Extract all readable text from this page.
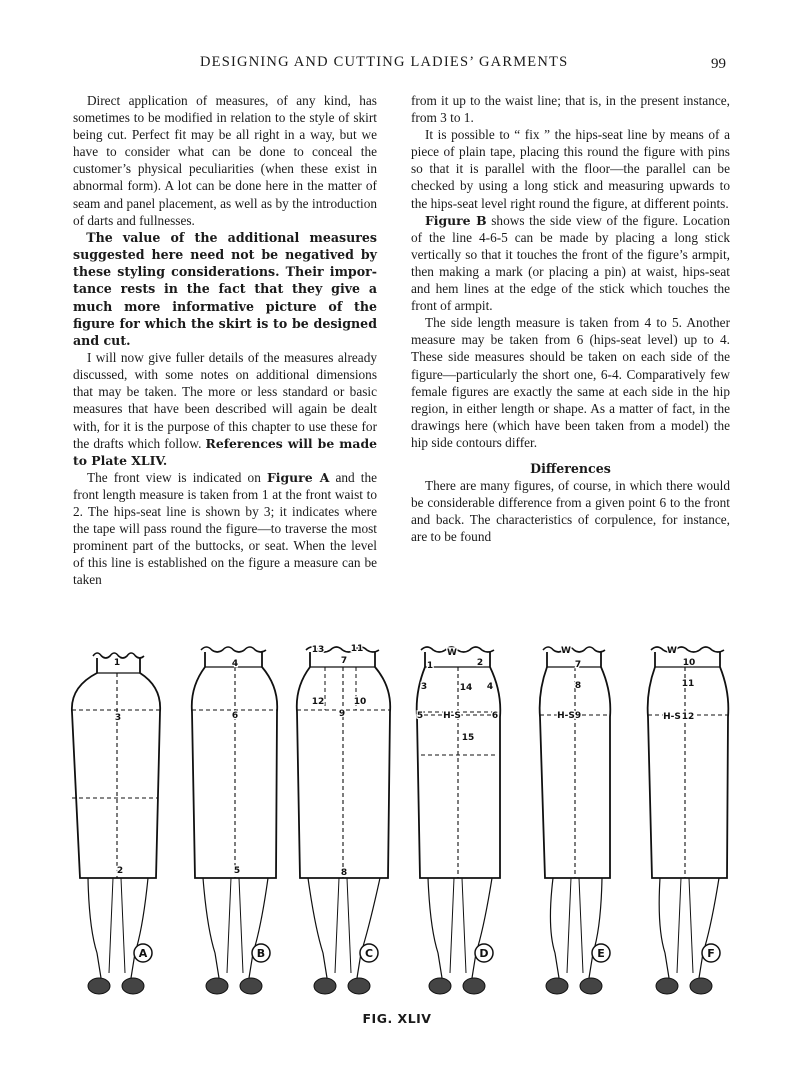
DESIGNING AND CUTTING LADIES’ GARMENTS	99

Direct application of measures, of any kind, has sometimes to be modified in relation to the style of skirt being cut. Perfect fit may be all right in a way, but we have to consider what can be done to conceal the customer’s physical peculiarities (when these exist in abnormal form). A lot can be done here in the matter of seam and panel placement, as well as by the introduction of darts and fullnesses.

The value of the additional measures suggested here need not be negatived by these styling considerations. Their importance rests in the fact that they give a much more informative picture of the figure for which the skirt is to be designed and cut.

I will now give fuller details of the measures already discussed, with some notes on additional dimensions that may be taken. The more or less standard or basic measures that have been described will again be dealt with, for it is the purpose of this chapter to use these for the drafts which follow. References will be made to Plate XLIV.

The front view is indicated on Figure A and the front length measure is taken from 1 at the front waist to 2. The hips-seat line is shown by 3; it indicates where the tape will pass round the figure—to traverse the most prominent part of the buttocks, or seat. When the level of this line is established on the figure a measure can be taken

from it up to the waist line; that is, in the present instance, from 3 to 1.

It is possible to “ fix ” the hips-seat line by means of a piece of plain tape, placing this round the figure with pins so that it is parallel with the floor—the parallel can be checked by using a long stick and measuring upwards to the hips-seat level right round the figure, at different points.

Figure B shows the side view of the figure. Location of the line 4-6-5 can be made by placing a long stick vertically so that it touches the front of the figure’s armpit, then making a mark (or placing a pin) at waist, hips-seat and hem lines at the edge of the stick which touches the front of armpit.

The side length measure is taken from 4 to 5. Another measure may be taken from 6 (hips-seat level) up to 4. These side measures should be taken on each side of the figure—particularly the short one, 6-4. Comparatively few female figures are exactly the same at each side in the hip region, in either length or shape. As a matter of fact, in the drawings here (which have been taken from a model) the hip side contours differ.

Differences

There are many figures, of course, in which there would be considerable difference from a given point 6 to the front and back. The characteristics of corpulence, for instance, are to be found

A
1
3
2
B
4
6
5
C
13	11
7
12	10
9
8
D
W
1	2
3	14 4
5 H-S	6
15
E
W
7
8
H-S 9
F
W
10
11
H-S 12
FIG. XLIV
